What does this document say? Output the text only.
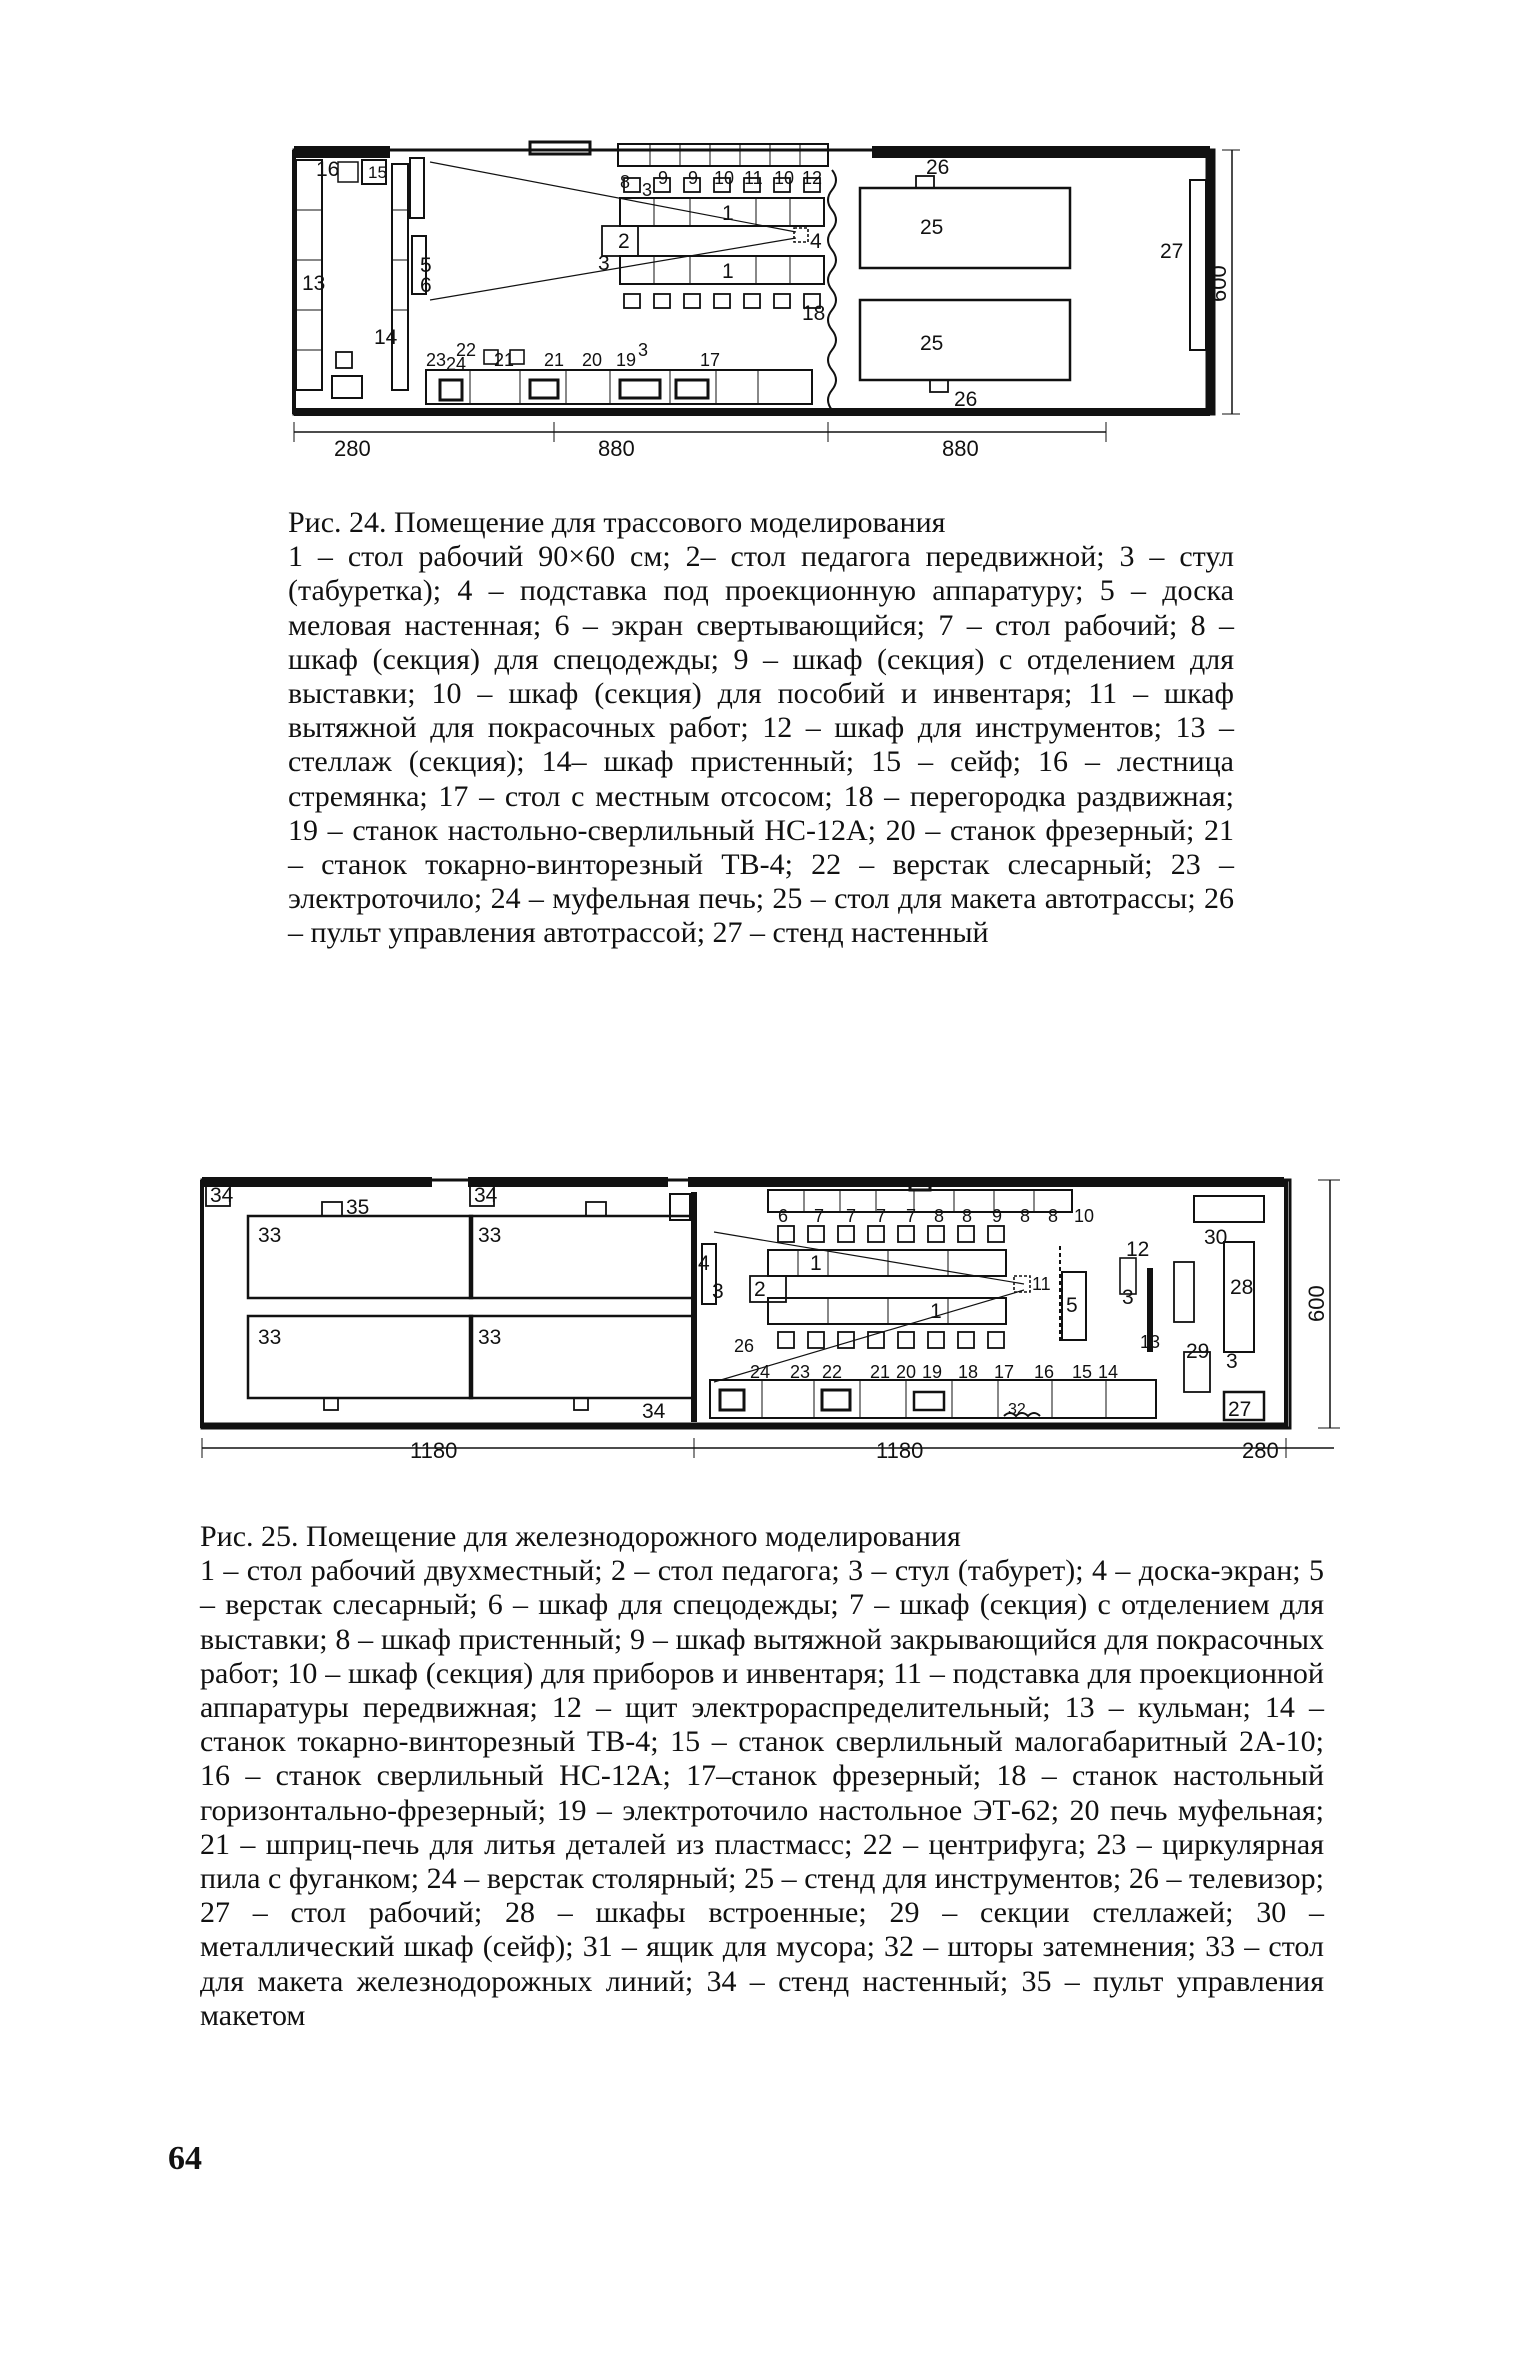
16 15	8 3
9 9 10 11 10 12	26
25
27
1
5
6
2	4
3	1
13
14
18
25
26
23 22
24 21 21 20 19 3	17
280	880	880
600

Рис. 24. Помещение для трассового моделирования
1 – стол рабочий 90×60 см; 2– стол педагога передвижной; 3 – стул (табуретка); 4 – подставка под проекционную аппаратуру; 5 – доска меловая настенная; 6 – экран свертывающийся; 7 – стол рабочий; 8 – шкаф (секция) для спецодежды; 9 – шкаф (секция) с отделением для выставки; 10 – шкаф (секция) для пособий и инвентаря; 11 – шкаф вытяжной для покрасочных работ; 12 – шкаф для инструментов; 13 – стеллаж (секция); 14– шкаф пристенный; 15 – сейф; 16 – лестница стремянка; 17 – стол с местным отсосом; 18 – перегородка раздвижная; 19 – станок настольно-сверлильный НС-12А; 20 – станок фрезерный; 21 – станок токарно-винторезный ТВ-4; 22 – верстак слесарный; 23 – электроточило; 24 – муфельная печь; 25 – стол для макета автотрассы; 26 – пульт управления автотрассой; 27 – стенд настенный

34
35
34
33
33
33
33
34
6 7 7 7 7 8 8 9 8 8 10
30
1
1
4
3 2	11
12
5 3	28
13 29 3
26
24 23 22 21 20 19 18 17 16 15 14
32	27
1180	1180	280
600

Рис. 25. Помещение для железнодорожного моделирования
1 – стол рабочий двухместный; 2 – стол педагога; 3 – стул (табурет); 4 – доска-экран; 5 – верстак слесарный; 6 – шкаф для спецодежды; 7 – шкаф (секция) с отделением для выставки; 8 – шкаф пристенный; 9 – шкаф вытяжной закрывающийся для покрасочных работ; 10 – шкаф (секция) для приборов и инвентаря; 11 – подставка для проекционной аппаратуры передвижная; 12 – щит электрораспределительный; 13 – кульман; 14 – станок токарно-винторезный ТВ-4; 15 – станок сверлильный малогабаритный 2А-10; 16 – станок сверлильный НС-12А; 17–станок фрезерный; 18 – станок настольный горизонтально-фрезерный; 19 – электроточило настольное ЭТ-62; 20 печь муфельная; 21 – шприц-печь для литья деталей из пластмасс; 22 – центрифуга; 23 – циркулярная пила с фуганком; 24 – верстак столярный; 25 – стенд для инструментов; 26 – телевизор; 27 – стол рабочий; 28 – шкафы встроенные; 29 – секции стеллажей; 30 – металлический шкаф (сейф); 31 – ящик для мусора; 32 – шторы затемнения; 33 – стол для макета железнодорожных линий; 34 – стенд настенный; 35 – пульт управления макетом

64
